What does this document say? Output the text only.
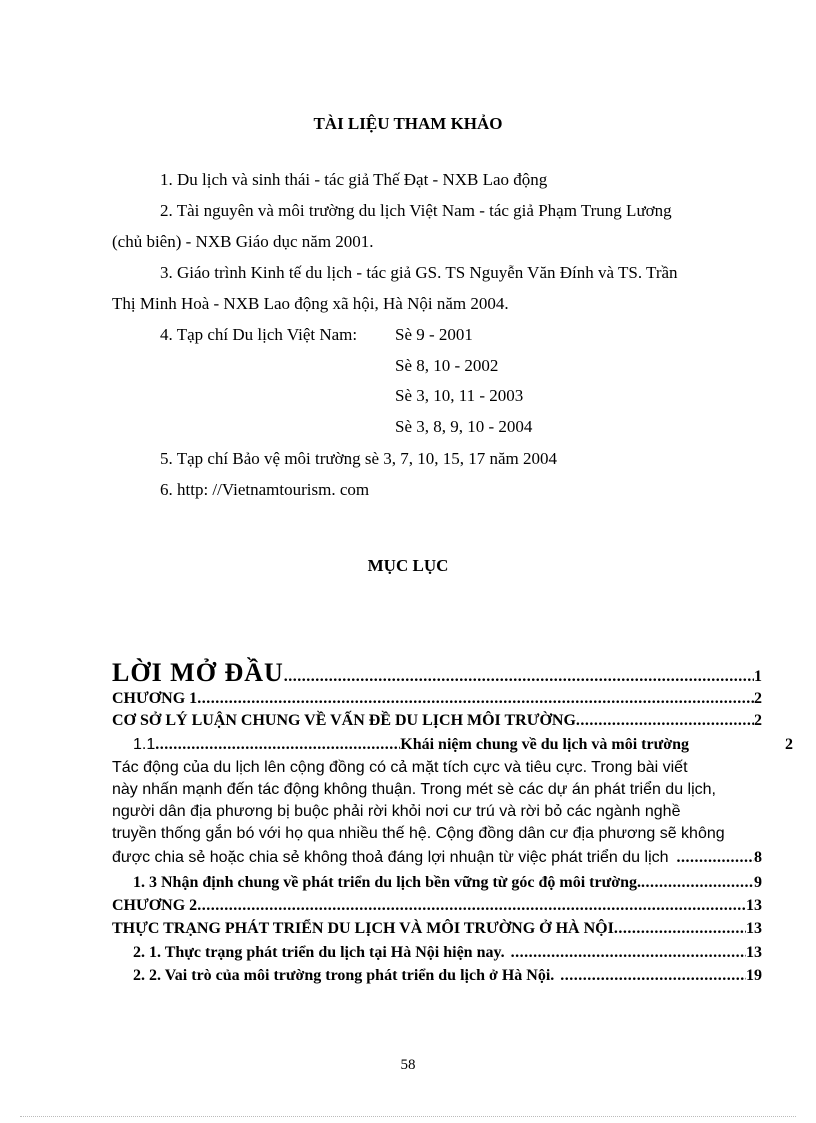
TÀI LIỆU THAM KHẢO
1. Du lịch và sinh thái - tác giả Thế Đạt - NXB Lao động
2. Tài nguyên và môi trường du lịch Việt Nam - tác giả Phạm Trung Lương
(chủ biên) - NXB Giáo dục năm 2001.
3. Giáo trình Kinh tế du lịch - tác giả GS. TS Nguyễn Văn Đính và TS. Trần
Thị Minh Hoà - NXB Lao động xã hội, Hà Nội năm 2004.
4. Tạp chí Du lịch Việt Nam: Sè 9 - 2001
Sè 8, 10 - 2002
Sè 3, 10, 11 - 2003
Sè 3, 8, 9, 10 - 2004
5. Tạp chí Bảo vệ môi trường sè 3, 7, 10, 15, 17 năm 2004
6. http: //Vietnamtourism. com
MỤC LỤC
LỜI MỞ ĐẦU .....	1
CHƯƠNG 1 .....	2
CƠ SỞ LÝ LUẬN CHUNG VỀ VẤN ĐỀ DU LỊCH MÔI TRƯỜNG .....	2
1.1 .....	Khái niệm chung về du lịch và môi trường	2
Tác động của du lịch lên cộng đồng có cả mặt tích cực và tiêu cực. Trong bài viết
này nhấn mạnh đến tác động không thuận. Trong mét sè các dự án phát triển du lịch,
người dân địa phương bị buộc phải rời khỏi nơi cư trú và rời bỏ các ngành nghề
truyền thống gắn bó với họ qua nhiều thế hệ. Cộng đồng dân cư địa phương sẽ không
được chia sẻ hoặc chia sẻ không thoả đáng lợi nhuận từ việc phát triển du lịch .....	8
1. 3 Nhận định chung về phát triển du lịch bền vững từ góc độ môi trường. .....	9
CHƯƠNG 2 .....	13
THỰC TRẠNG PHÁT TRIỂN DU LỊCH VÀ MÔI TRƯỜNG Ở HÀ NỘI .....	13
2. 1. Thực trạng phát triển du lịch tại Hà Nội hiện nay. .....	13
2. 2. Vai trò của môi trường trong phát triển du lịch ở Hà Nội. .....	19
58
